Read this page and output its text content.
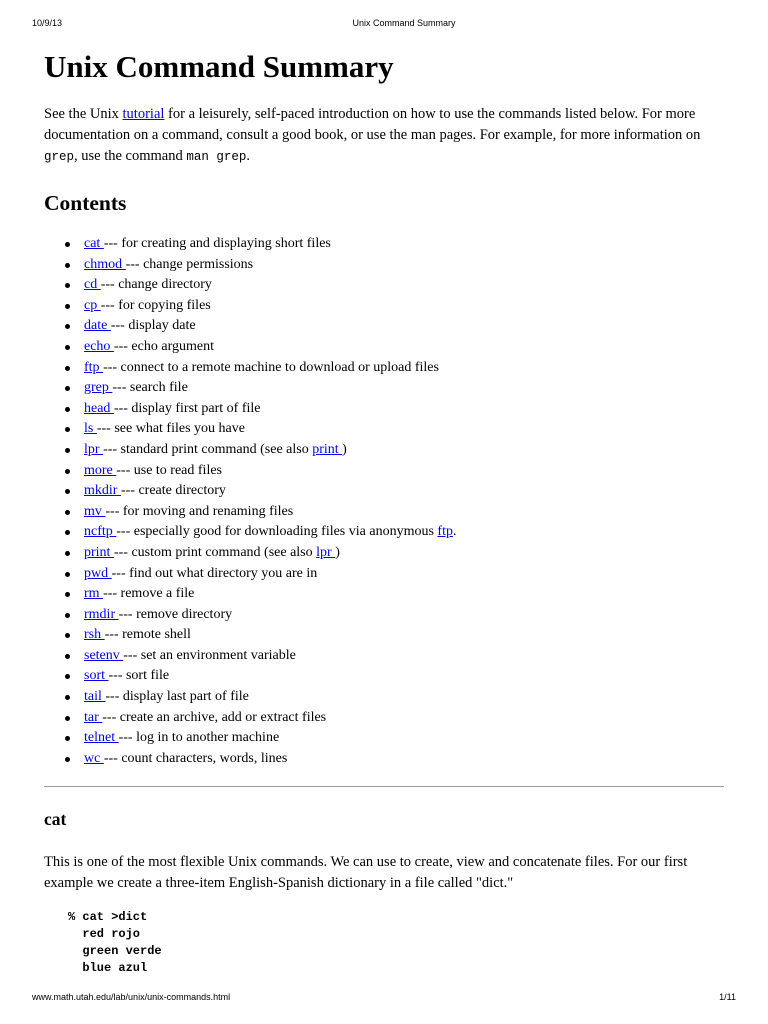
10/9/13	Unix Command Summary
Unix Command Summary

See the Unix tutorial for a leisurely, self-paced introduction on how to use the commands listed below. For more documentation on a command, consult a good book, or use the man pages. For example, for more information on grep, use the command man grep.

Contents
cat --- for creating and displaying short files
chmod --- change permissions
cd --- change directory
cp --- for copying files
date --- display date
echo --- echo argument
ftp --- connect to a remote machine to download or upload files
grep --- search file
head --- display first part of file
ls --- see what files you have
lpr --- standard print command (see also print )
more --- use to read files
mkdir --- create directory
mv --- for moving and renaming files
ncftp --- especially good for downloading files via anonymous ftp.
print --- custom print command (see also lpr )
pwd --- find out what directory you are in
rm --- remove a file
rmdir --- remove directory
rsh --- remote shell
setenv --- set an environment variable
sort --- sort file
tail --- display last part of file
tar --- create an archive, add or extract files
telnet --- log in to another machine
wc --- count characters, words, lines
cat

This is one of the most flexible Unix commands. We can use to create, view and concatenate files. For our first example we create a three-item English-Spanish dictionary in a file called "dict."

% cat >dict
red rojo
green verde
blue azul
www.math.utah.edu/lab/unix/unix-commands.html	1/11
